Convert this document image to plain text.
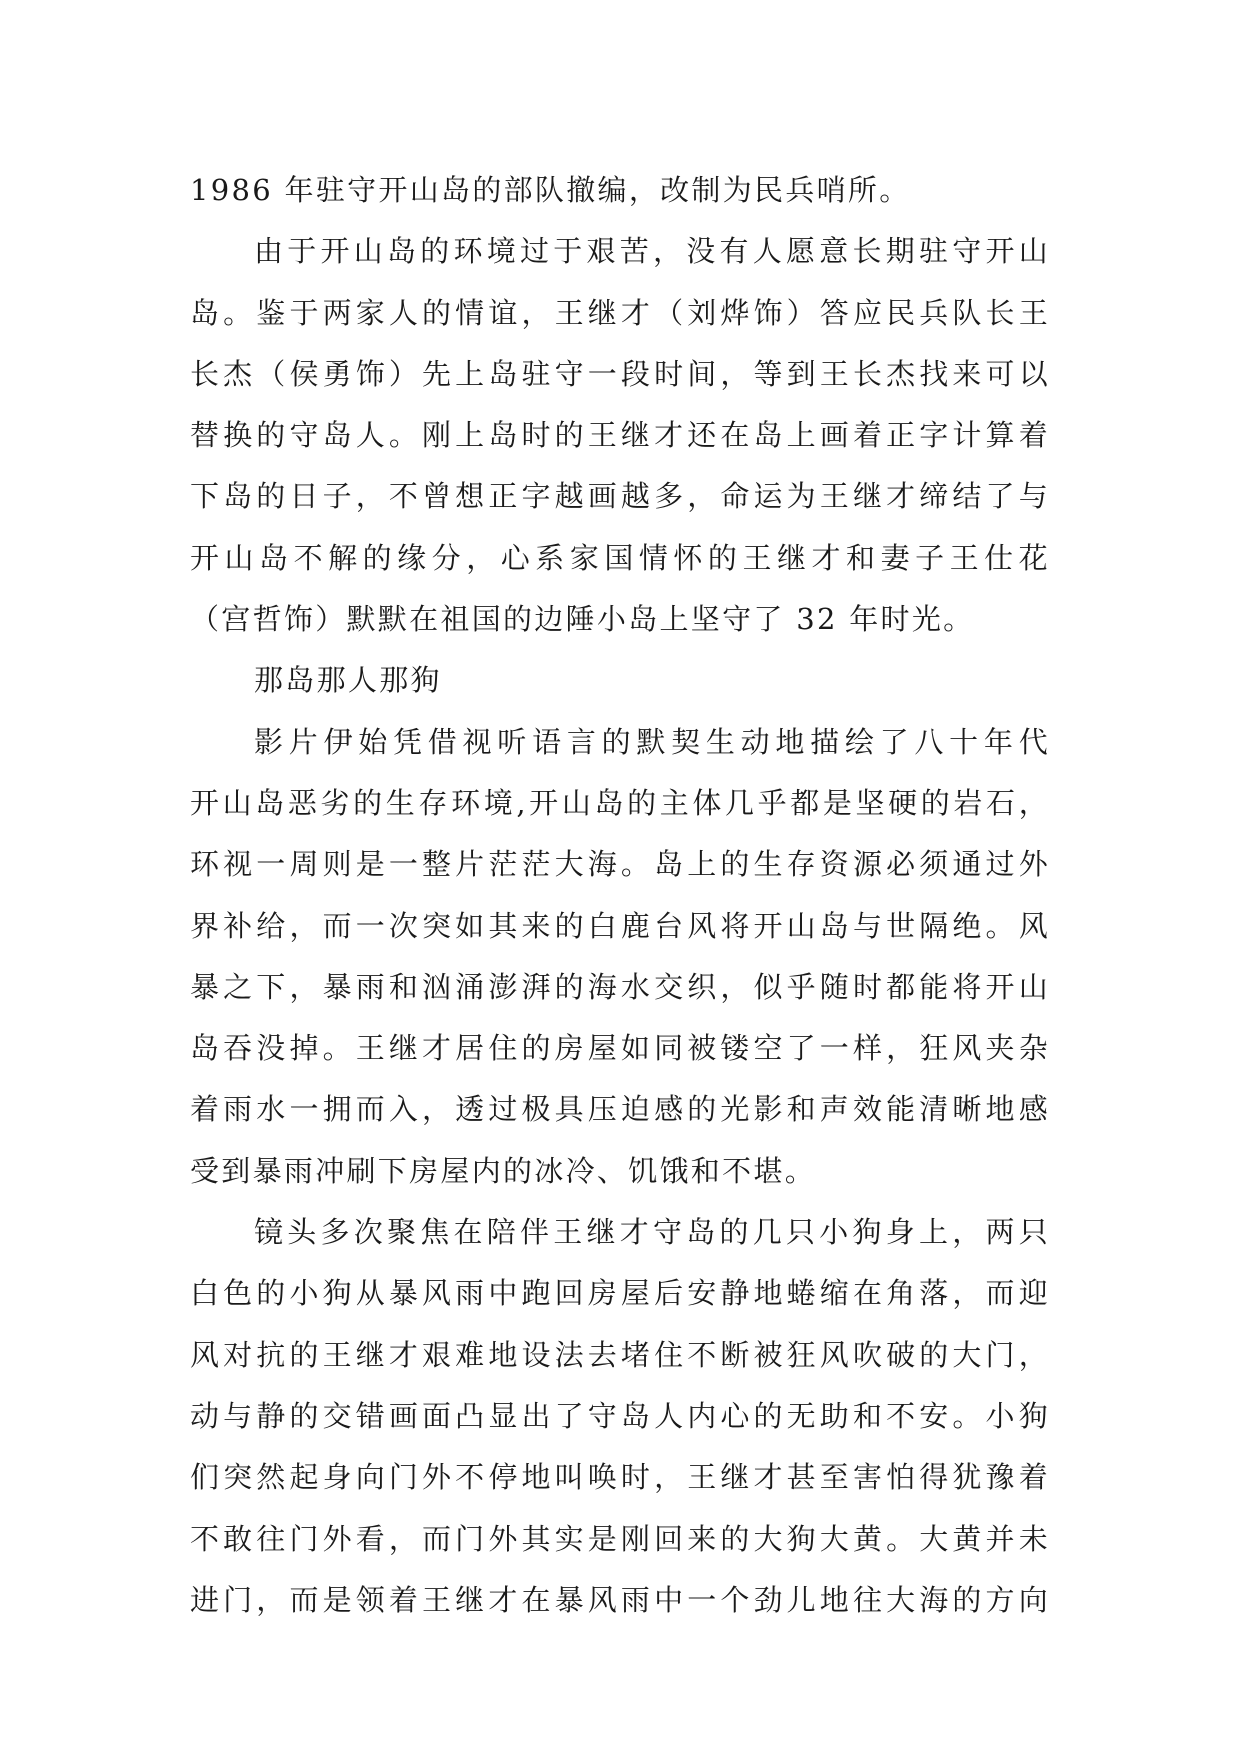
1986 年驻守开山岛的部队撤编，改制为民兵哨所。
由于开山岛的环境过于艰苦，没有人愿意长期驻守开山
岛。鉴于两家人的情谊，王继才（刘烨饰）答应民兵队长王
长杰（侯勇饰）先上岛驻守一段时间，等到王长杰找来可以
替换的守岛人。刚上岛时的王继才还在岛上画着正字计算着
下岛的日子，不曾想正字越画越多，命运为王继才缔结了与
开山岛不解的缘分，心系家国情怀的王继才和妻子王仕花
（宫哲饰）默默在祖国的边陲小岛上坚守了 32 年时光。
那岛那人那狗
影片伊始凭借视听语言的默契生动地描绘了八十年代
开山岛恶劣的生存环境,开山岛的主体几乎都是坚硬的岩石，
环视一周则是一整片茫茫大海。岛上的生存资源必须通过外
界补给，而一次突如其来的白鹿台风将开山岛与世隔绝。风
暴之下，暴雨和汹涌澎湃的海水交织，似乎随时都能将开山
岛吞没掉。王继才居住的房屋如同被镂空了一样，狂风夹杂
着雨水一拥而入，透过极具压迫感的光影和声效能清晰地感
受到暴雨冲刷下房屋内的冰冷、饥饿和不堪。
镜头多次聚焦在陪伴王继才守岛的几只小狗身上，两只
白色的小狗从暴风雨中跑回房屋后安静地蜷缩在角落，而迎
风对抗的王继才艰难地设法去堵住不断被狂风吹破的大门，
动与静的交错画面凸显出了守岛人内心的无助和不安。小狗
们突然起身向门外不停地叫唤时，王继才甚至害怕得犹豫着
不敢往门外看，而门外其实是刚回来的大狗大黄。大黄并未
进门，而是领着王继才在暴风雨中一个劲儿地往大海的方向
